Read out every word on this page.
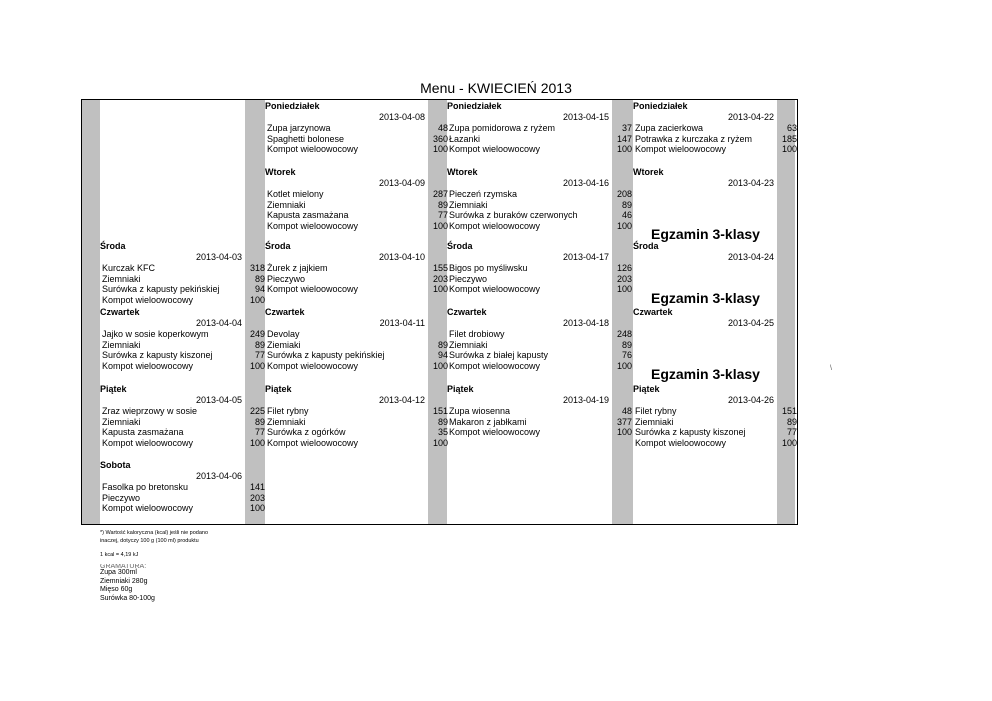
Menu - KWIECIEŃ 2013
Środa
2013-04-03
Kurczak KFC	318
Ziemniaki	89
Surówka z kapusty pekińskiej	94
Kompot wieloowocowy	100
Czwartek
2013-04-04
Jajko w sosie koperkowym	249
Ziemniaki	89
Surówka z kapusty kiszonej	77
Kompot wieloowocowy	100
Piątek
2013-04-05
Zraz wieprzowy w sosie	225
Ziemniaki	89
Kapusta zasmażana	77
Kompot wieloowocowy	100
Sobota
2013-04-06
Fasolka po bretonsku	141
Pieczywo	203
Kompot wieloowocowy	100
Poniedziałek
2013-04-08
Zupa jarzynowa	48
Spaghetti bolonese	360
Kompot wieloowocowy	100
Wtorek
2013-04-09
Kotlet mielony	287
Ziemniaki	89
Kapusta zasmażana	77
Kompot wieloowocowy	100
Środa
2013-04-10
Żurek z jajkiem	155
Pieczywo	203
Kompot wieloowocowy	100
Czwartek
2013-04-11
Devolay
Ziemiaki	89
Surówka z kapusty pekińskiej	94
Kompot wieloowocowy	100
Piątek
2013-04-12
Filet rybny	151
Ziemniaki	89
Surówka z ogórków	35
Kompot wieloowocowy	100
Poniedziałek
2013-04-15
Zupa pomidorowa z ryżem	37
Łazanki	147
Kompot wieloowocowy	100
Wtorek
2013-04-16
Pieczeń rzymska	208
Ziemniaki	89
Surówka z buraków czerwonych	46
Kompot wieloowocowy	100
Środa
2013-04-17
Bigos po myśliwsku	126
Pieczywo	203
Kompot wieloowocowy	100
Czwartek
2013-04-18
Filet drobiowy	248
Ziemniaki	89
Surówka z białej kapusty	76
Kompot wieloowocowy	100
Piątek
2013-04-19
Zupa wiosenna	48
Makaron z jabłkami	377
Kompot wieloowocowy	100
Poniedziałek
2013-04-22
Zupa zacierkowa	63
Potrawka z kurczaka z ryżem	185
Kompot wieloowocowy	100
Wtorek
2013-04-23
Środa
2013-04-24
Czwartek
2013-04-25
Piątek
2013-04-26
Filet rybny	151
Ziemniaki	89
Surówka z kapusty kiszonej	77
Kompot wieloowocowy	100
Egzamin 3-klasy
Egzamin 3-klasy
Egzamin 3-klasy
*) Wartość kaloryczna (kcal) jeśli nie podano
inaczej, dotyczy 100 g (100 ml) produktu
1 kcal = 4,19 kJ
GRAMATURA:
Zupa 300ml
Ziemniaki 280g
Mięso 60g
Surówka 80-100g
\
